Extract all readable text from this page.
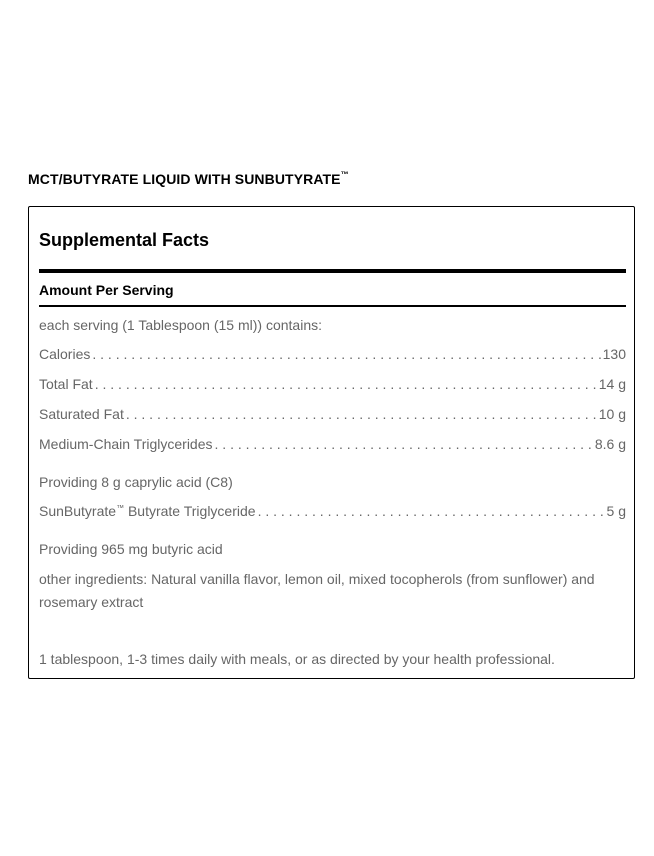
MCT/BUTYRATE LIQUID WITH SUNBUTYRATE™
Supplemental Facts
Amount Per Serving
each serving (1 Tablespoon (15 ml)) contains:
Calories . . .	130
Total Fat . . .	14 g
Saturated Fat . . .	10 g
Medium-Chain Triglycerides . . .	8.6 g
Providing 8 g caprylic acid (C8)
SunButyrate™ Butyrate Triglyceride . . .	5 g
Providing 965 mg butyric acid
other ingredients: Natural vanilla flavor, lemon oil, mixed tocopherols (from sunflower) and rosemary extract
1 tablespoon, 1-3 times daily with meals, or as directed by your health professional.
